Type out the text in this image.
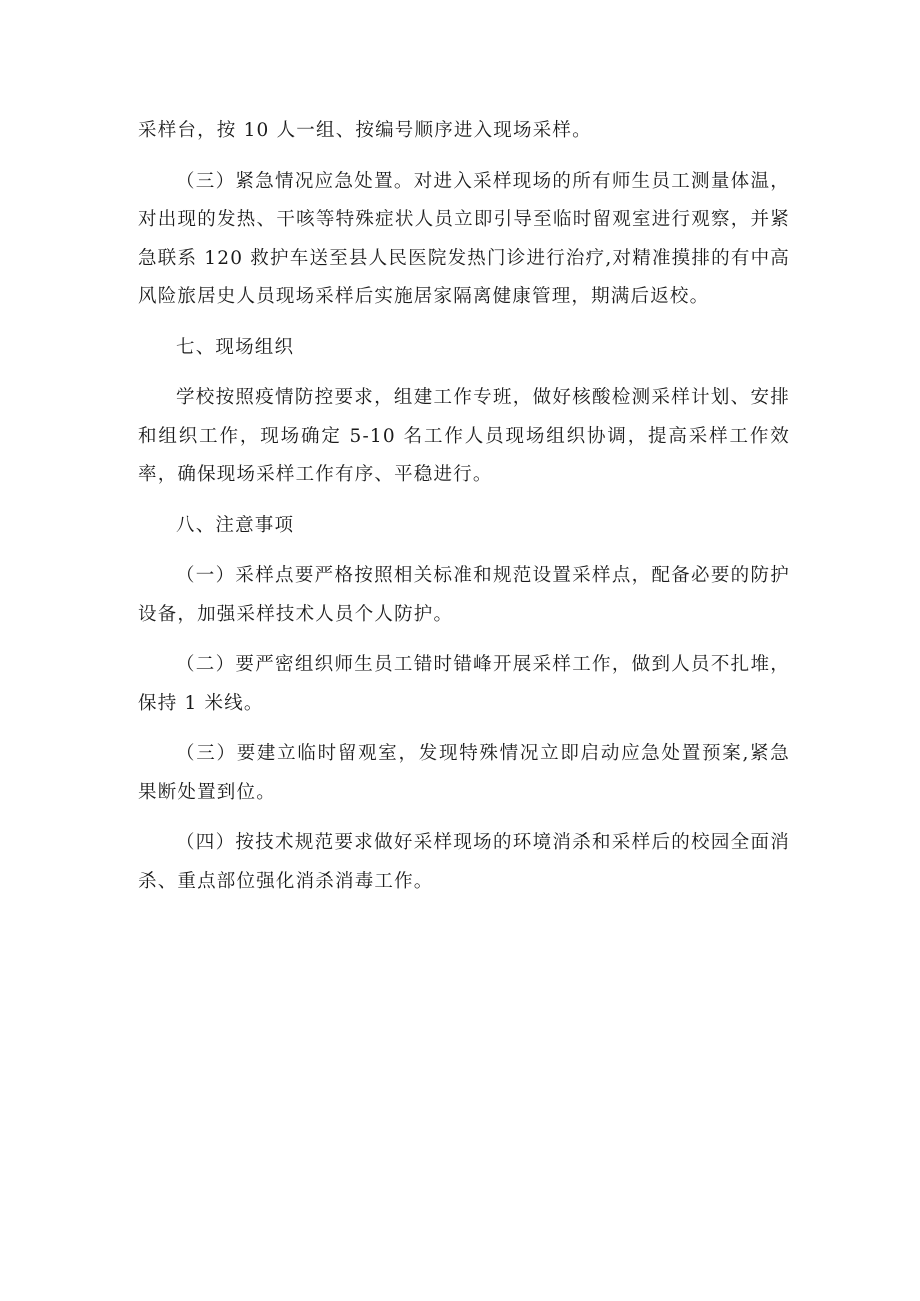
采样台，按 10 人一组、按编号顺序进入现场采样。

（三）紧急情况应急处置。对进入采样现场的所有师生员工测量体温，对出现的发热、干咳等特殊症状人员立即引导至临时留观室进行观察，并紧急联系 120 救护车送至县人民医院发热门诊进行治疗,对精准摸排的有中高风险旅居史人员现场采样后实施居家隔离健康管理，期满后返校。

七、现场组织

学校按照疫情防控要求，组建工作专班，做好核酸检测采样计划、安排和组织工作，现场确定 5-10 名工作人员现场组织协调，提高采样工作效率，确保现场采样工作有序、平稳进行。

八、注意事项

（一）采样点要严格按照相关标准和规范设置采样点，配备必要的防护设备，加强采样技术人员个人防护。

（二）要严密组织师生员工错时错峰开展采样工作，做到人员不扎堆，保持 1 米线。

（三）要建立临时留观室，发现特殊情况立即启动应急处置预案,紧急果断处置到位。

（四）按技术规范要求做好采样现场的环境消杀和采样后的校园全面消杀、重点部位强化消杀消毒工作。
